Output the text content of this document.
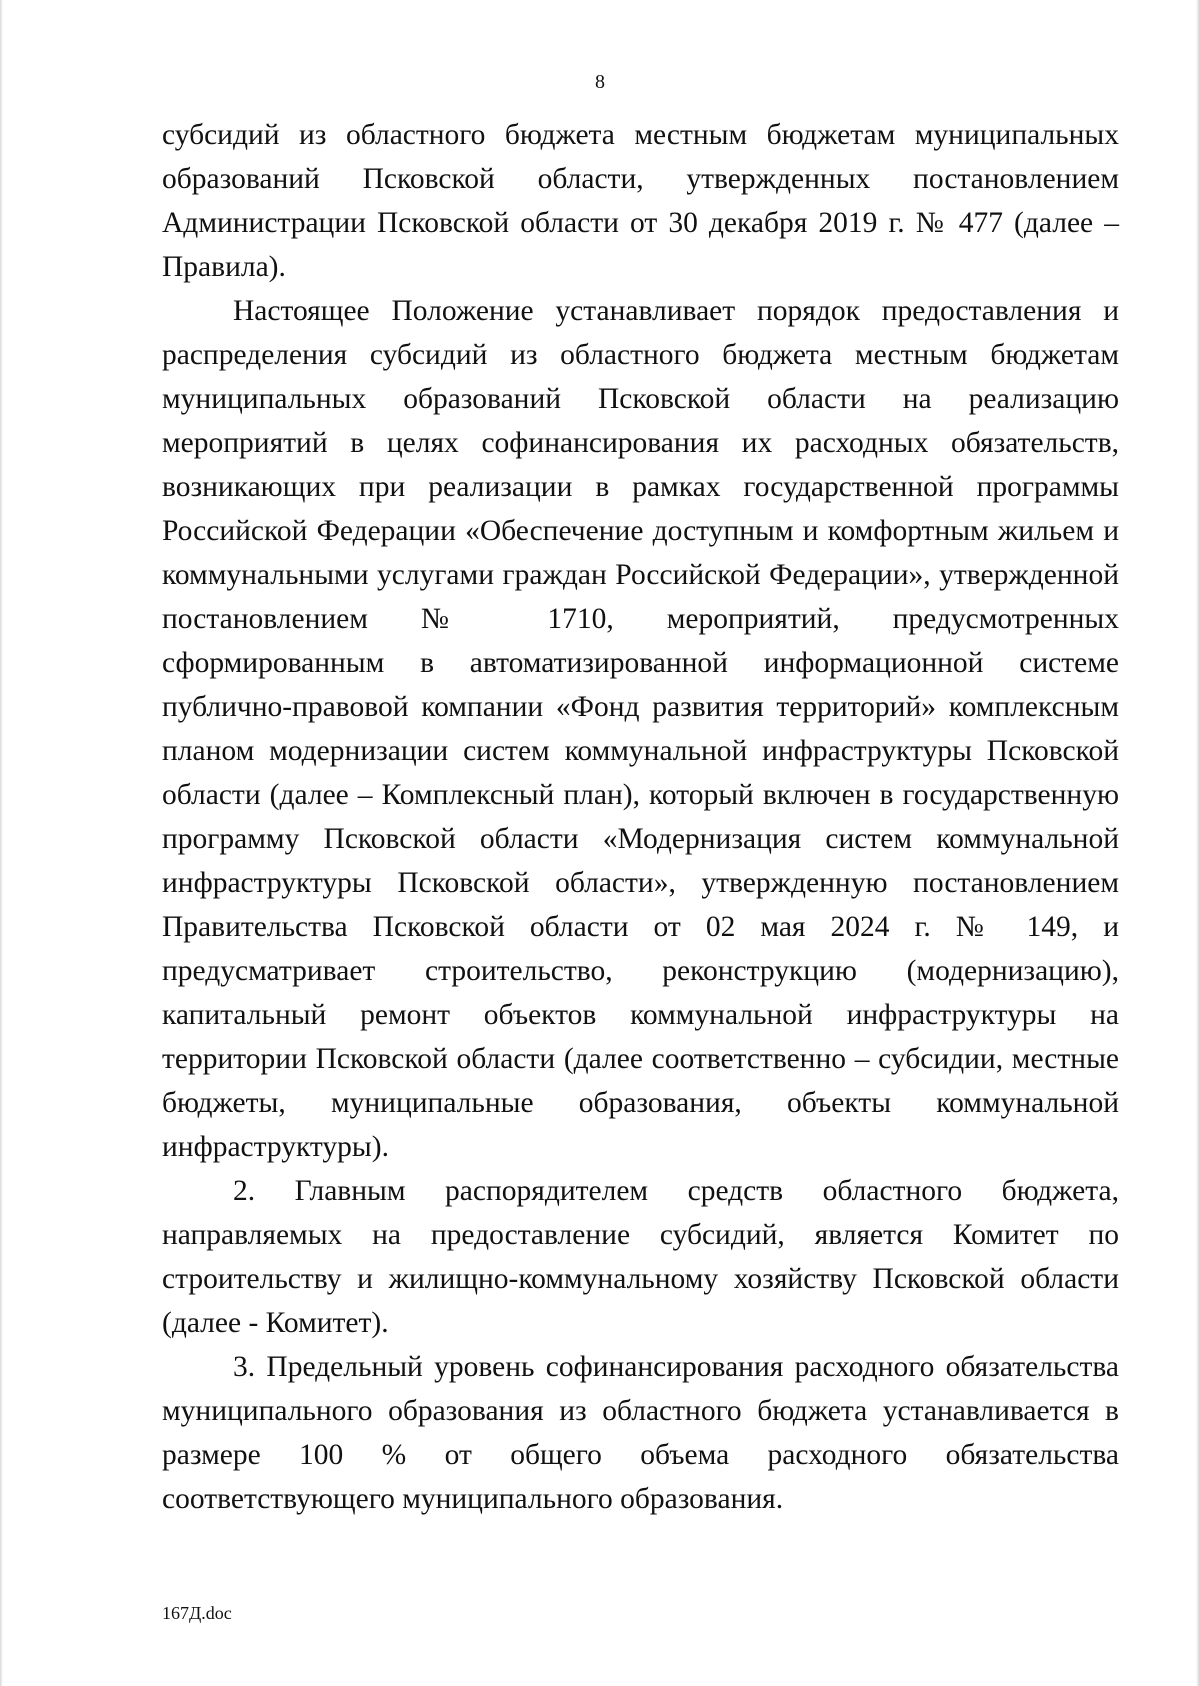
8

субсидий из областного бюджета местным бюджетам муниципальных образований Псковской области, утвержденных постановлением Администрации Псковской области от 30 декабря 2019 г. № 477 (далее – Правила).

Настоящее Положение устанавливает порядок предоставления и распределения субсидий из областного бюджета местным бюджетам муниципальных образований Псковской области на реализацию мероприятий в целях софинансирования их расходных обязательств, возникающих при реализации в рамках государственной программы Российской Федерации «Обеспечение доступным и комфортным жильем и коммунальными услугами граждан Российской Федерации», утвержденной постановлением № 1710, мероприятий, предусмотренных сформированным в автоматизированной информационной системе публично-правовой компании «Фонд развития территорий» комплексным планом модернизации систем коммунальной инфраструктуры Псковской области (далее – Комплексный план), который включен в государственную программу Псковской области «Модернизация систем коммунальной инфраструктуры Псковской области», утвержденную постановлением Правительства Псковской области от 02 мая 2024 г. № 149, и предусматривает строительство, реконструкцию (модернизацию), капитальный ремонт объектов коммунальной инфраструктуры на территории Псковской области (далее соответственно – субсидии, местные бюджеты, муниципальные образования, объекты коммунальной инфраструктуры).

2. Главным распорядителем средств областного бюджета, направляемых на предоставление субсидий, является Комитет по строительству и жилищно-коммунальному хозяйству Псковской области (далее - Комитет).

3. Предельный уровень софинансирования расходного обязательства муниципального образования из областного бюджета устанавливается в размере 100 % от общего объема расходного обязательства соответствующего муниципального образования.

167Д.doc
